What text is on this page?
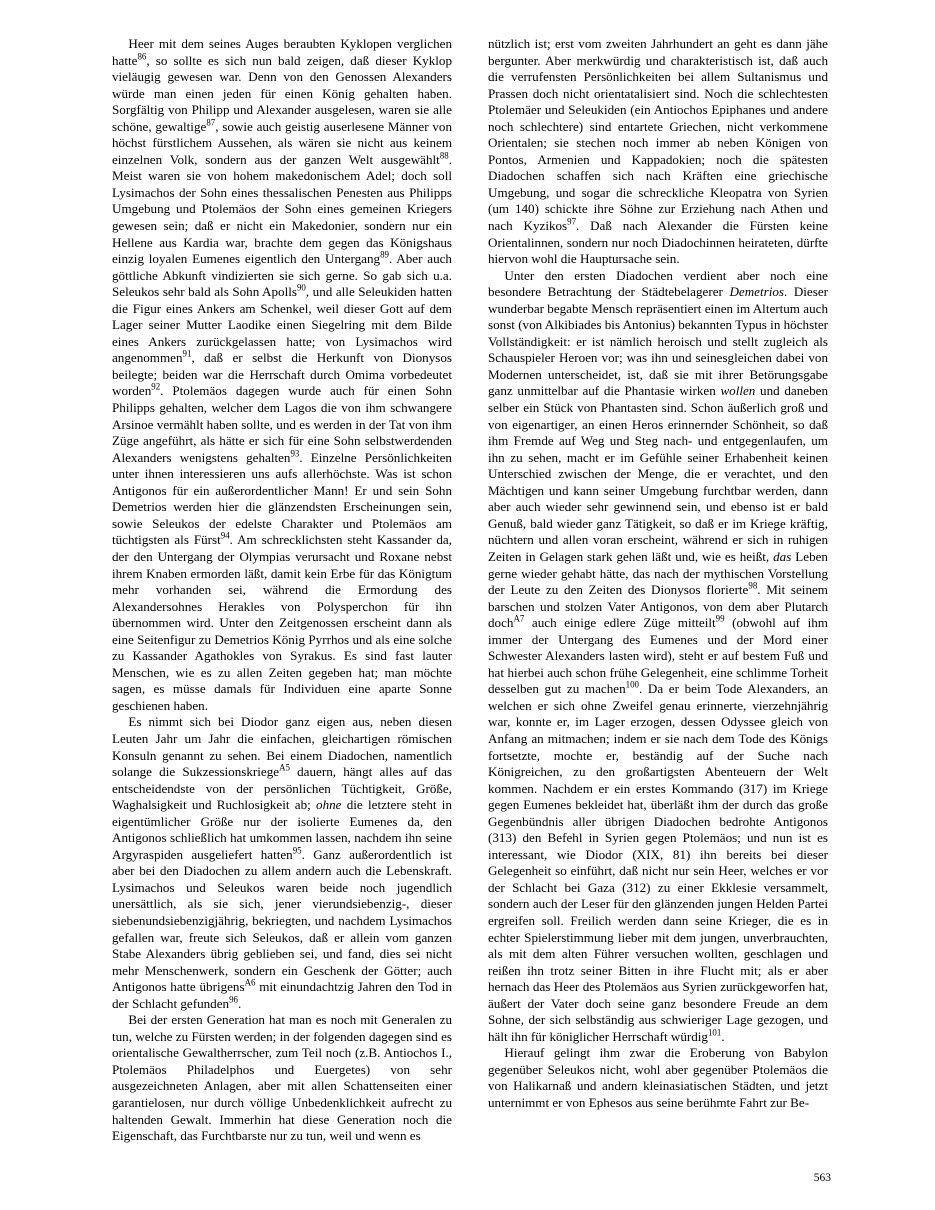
Heer mit dem seines Auges beraubten Kyklopen verglichen hatte$^{86}$, so sollte es sich nun bald zeigen, daß dieser Kyklop vieläugig gewesen war. Denn von den Genossen Alexanders würde man einen jeden für einen König gehalten haben. Sorgfältig von Philipp und Alexander ausgelesen, waren sie alle schöne, gewaltige$^{87}$, sowie auch geistig auserlesene Männer von höchst fürstlichem Aussehen, als wären sie nicht aus keinem einzelnen Volk, sondern aus der ganzen Welt ausgewählt$^{88}$. Meist waren sie von hohem makedonischem Adel; doch soll Lysimachos der Sohn eines thessalischen Penesten aus Philipps Umgebung und Ptolemäos der Sohn eines gemeinen Kriegers gewesen sein; daß er nicht ein Makedonier, sondern nur ein Hellene aus Kardia war, brachte dem gegen das Königshaus einzig loyalen Eumenes eigentlich den Untergang$^{89}$. Aber auch göttliche Abkunft vindizierten sie sich gerne. So gab sich u.a. Seleukos sehr bald als Sohn Apolls$^{90}$, und alle Seleukiden hatten die Figur eines Ankers am Schenkel, weil dieser Gott auf dem Lager seiner Mutter Laodike einen Siegelring mit dem Bilde eines Ankers zurückgelassen hatte; von Lysimachos wird angenommen$^{91}$, daß er selbst die Herkunft von Dionysos beilegte; beiden war die Herrschaft durch Omima vorbedeutet worden$^{92}$. Ptolemäos dagegen wurde auch für einen Sohn Philipps gehalten, welcher dem Lagos die von ihm schwangere Arsinoe vermählt haben sollte, und es werden in der Tat von ihm Züge angeführt, als hätte er sich für eine Sohn selbstwerdenden Alexanders wenigstens gehalten$^{93}$. Einzelne Persönlichkeiten unter ihnen interessieren uns aufs allerhöchste. Was ist schon Antigonos für ein außerordentlicher Mann! Er und sein Sohn Demetrios werden hier die glänzendsten Erscheinungen sein, sowie Seleukos der edelste Charakter und Ptolemäos am tüchtigsten als Fürst$^{94}$. Am schrecklichsten steht Kassander da, der den Untergang der Olympias verursacht und Roxane nebst ihrem Knaben ermorden läßt, damit kein Erbe für das Königtum mehr vorhanden sei, während die Ermordung des Alexandersohnes Herakles von Polysperchon für ihn übernommen wird. Unter den Zeitgenossen erscheint dann als eine Seitenfigur zu Demetrios König Pyrrhos und als eine solche zu Kassander Agathokles von Syrakus. Es sind fast lauter Menschen, wie es zu allen Zeiten gegeben hat; man möchte sagen, es müsse damals für Individuen eine aparte Sonne geschienen haben.

Es nimmt sich bei Diodor ganz eigen aus, neben diesen Leuten Jahr um Jahr die einfachen, gleichartigen römischen Konsuln genannt zu sehen. Bei einem Diadochen, namentlich solange die Sukzessionskriege$^{A5}$ dauern, hängt alles auf das entscheidendste von der persönlichen Tüchtigkeit, Größe, Waghalsigkeit und Ruchlosigkeit ab; ohne die letztere steht in eigentümlicher Größe nur der isolierte Eumenes da, den Antigonos schließlich hat umkommen lassen, nachdem ihn seine Argyraspiden ausgeliefert hatten$^{95}$. Ganz außerordentlich ist aber bei den Diadochen zu allem andern auch die Lebenskraft. Lysimachos und Seleukos waren beide noch jugendlich unersättlich, als sie sich, jener vierundsiebenzig-, dieser siebenundsiebenzigjährig, bekriegten, und nachdem Lysimachos gefallen war, freute sich Seleukos, daß er allein vom ganzen Stabe Alexanders übrig geblieben sei, und fand, dies sei nicht mehr Menschenwerk, sondern ein Geschenk der Götter; auch Antigonos hatte übrigens$^{A6}$ mit einundachtzig Jahren den Tod in der Schlacht gefunden$^{96}$.

Bei der ersten Generation hat man es noch mit Generalen zu tun, welche zu Fürsten werden; in der folgenden dagegen sind es orientalische Gewaltherrscher, zum Teil noch (z.B. Antiochos I., Ptolemäos Philadelphos und Euergetes) von sehr ausgezeichneten Anlagen, aber mit allen Schattenseiten einer garantielosen, nur durch völlige Unbedenklichkeit aufrecht zu haltenden Gewalt. Immerhin hat diese Generation noch die Eigenschaft, das Furchtbarste nur zu tun, weil und wenn es

nützlich ist; erst vom zweiten Jahrhundert an geht es dann jähe bergunter. Aber merkwürdig und charakteristisch ist, daß auch die verrufensten Persönlichkeiten bei allem Sultanismus und Prassen doch nicht orientatalisiert sind. Noch die schlechtesten Ptolemäer und Seleukiden (ein Antiochos Epiphanes und andere noch schlechtere) sind entartete Griechen, nicht verkommene Orientalen; sie stechen noch immer ab neben Königen von Pontos, Armenien und Kappadokien; noch die spätesten Diadochen schaffen sich nach Kräften eine griechische Umgebung, und sogar die schreckliche Kleopatra von Syrien (um 140) schickte ihre Söhne zur Erziehung nach Athen und nach Kyzikos$^{97}$. Daß nach Alexander die Fürsten keine Orientalinnen, sondern nur noch Diadochinnen heirateten, dürfte hiervon wohl die Hauptursache sein.

Unter den ersten Diadochen verdient aber noch eine besondere Betrachtung der Städtebelagerer Demetrios. Dieser wunderbar begabte Mensch repräsentiert einen im Altertum auch sonst (von Alkibiades bis Antonius) bekannten Typus in höchster Vollständigkeit: er ist nämlich heroisch und stellt zugleich als Schauspieler Heroen vor; was ihn und seinesgleichen dabei von Modernen unterscheidet, ist, daß sie mit ihrer Betörungsgabe ganz unmittelbar auf die Phantasie wirken wollen und daneben selber ein Stück von Phantasten sind. Schon äußerlich groß und von eigenartiger, an einen Heros erinnernder Schönheit, so daß ihm Fremde auf Weg und Steg nach- und entgegenlaufen, um ihn zu sehen, macht er im Gefühle seiner Erhabenheit keinen Unterschied zwischen der Menge, die er verachtet, und den Mächtigen und kann seiner Umgebung furchtbar werden, dann aber auch wieder sehr gewinnend sein, und ebenso ist er bald Genuß, bald wieder ganz Tätigkeit, so daß er im Kriege kräftig, nüchtern und allen voran erscheint, während er sich in ruhigen Zeiten in Gelagen stark gehen läßt und, wie es heißt, das Leben gerne wieder gehabt hätte, das nach der mythischen Vorstellung der Leute zu den Zeiten des Dionysos florierte$^{98}$. Mit seinem barschen und stolzen Vater Antigonos, von dem aber Plutarch doch$^{A7}$ auch einige edlere Züge mitteilt$^{99}$ (obwohl auf ihm immer der Untergang des Eumenes und der Mord einer Schwester Alexanders lasten wird), steht er auf bestem Fuß und hat hierbei auch schon frühe Gelegenheit, eine schlimme Torheit desselben gut zu machen$^{100}$. Da er beim Tode Alexanders, an welchen er sich ohne Zweifel genau erinnerte, vierzehnjährig war, konnte er, im Lager erzogen, dessen Odyssee gleich von Anfang an mitmachen; indem er sie nach dem Tode des Königs fortsetzte, mochte er, beständig auf der Suche nach Königreichen, zu den großartigsten Abenteuern der Welt kommen. Nachdem er ein erstes Kommando (317) im Kriege gegen Eumenes bekleidet hat, überläßt ihm der durch das große Gegenbündnis aller übrigen Diadochen bedrohte Antigonos (313) den Befehl in Syrien gegen Ptolemäos; und nun ist es interessant, wie Diodor (XIX, 81) ihn bereits bei dieser Gelegenheit so einführt, daß nicht nur sein Heer, welches er vor der Schlacht bei Gaza (312) zu einer Ekklesie versammelt, sondern auch der Leser für den glänzenden jungen Helden Partei ergreifen soll. Freilich werden dann seine Krieger, die es in echter Spielerstimmung lieber mit dem jungen, unverbrauchten, als mit dem alten Führer versuchen wollten, geschlagen und reißen ihn trotz seiner Bitten in ihre Flucht mit; als er aber hernach das Heer des Ptolemäos aus Syrien zurückgeworfen hat, äußert der Vater doch seine ganz besondere Freude an dem Sohne, der sich selbständig aus schwieriger Lage gezogen, und hält ihn für königlicher Herrschaft würdig$^{101}$.

Hierauf gelingt ihm zwar die Eroberung von Babylon gegenüber Seleukos nicht, wohl aber gegenüber Ptolemäos die von Halikarnaß und andern kleinasiatischen Städten, und jetzt unternimmt er von Ephesos aus seine berühmte Fahrt zur Be-

563
